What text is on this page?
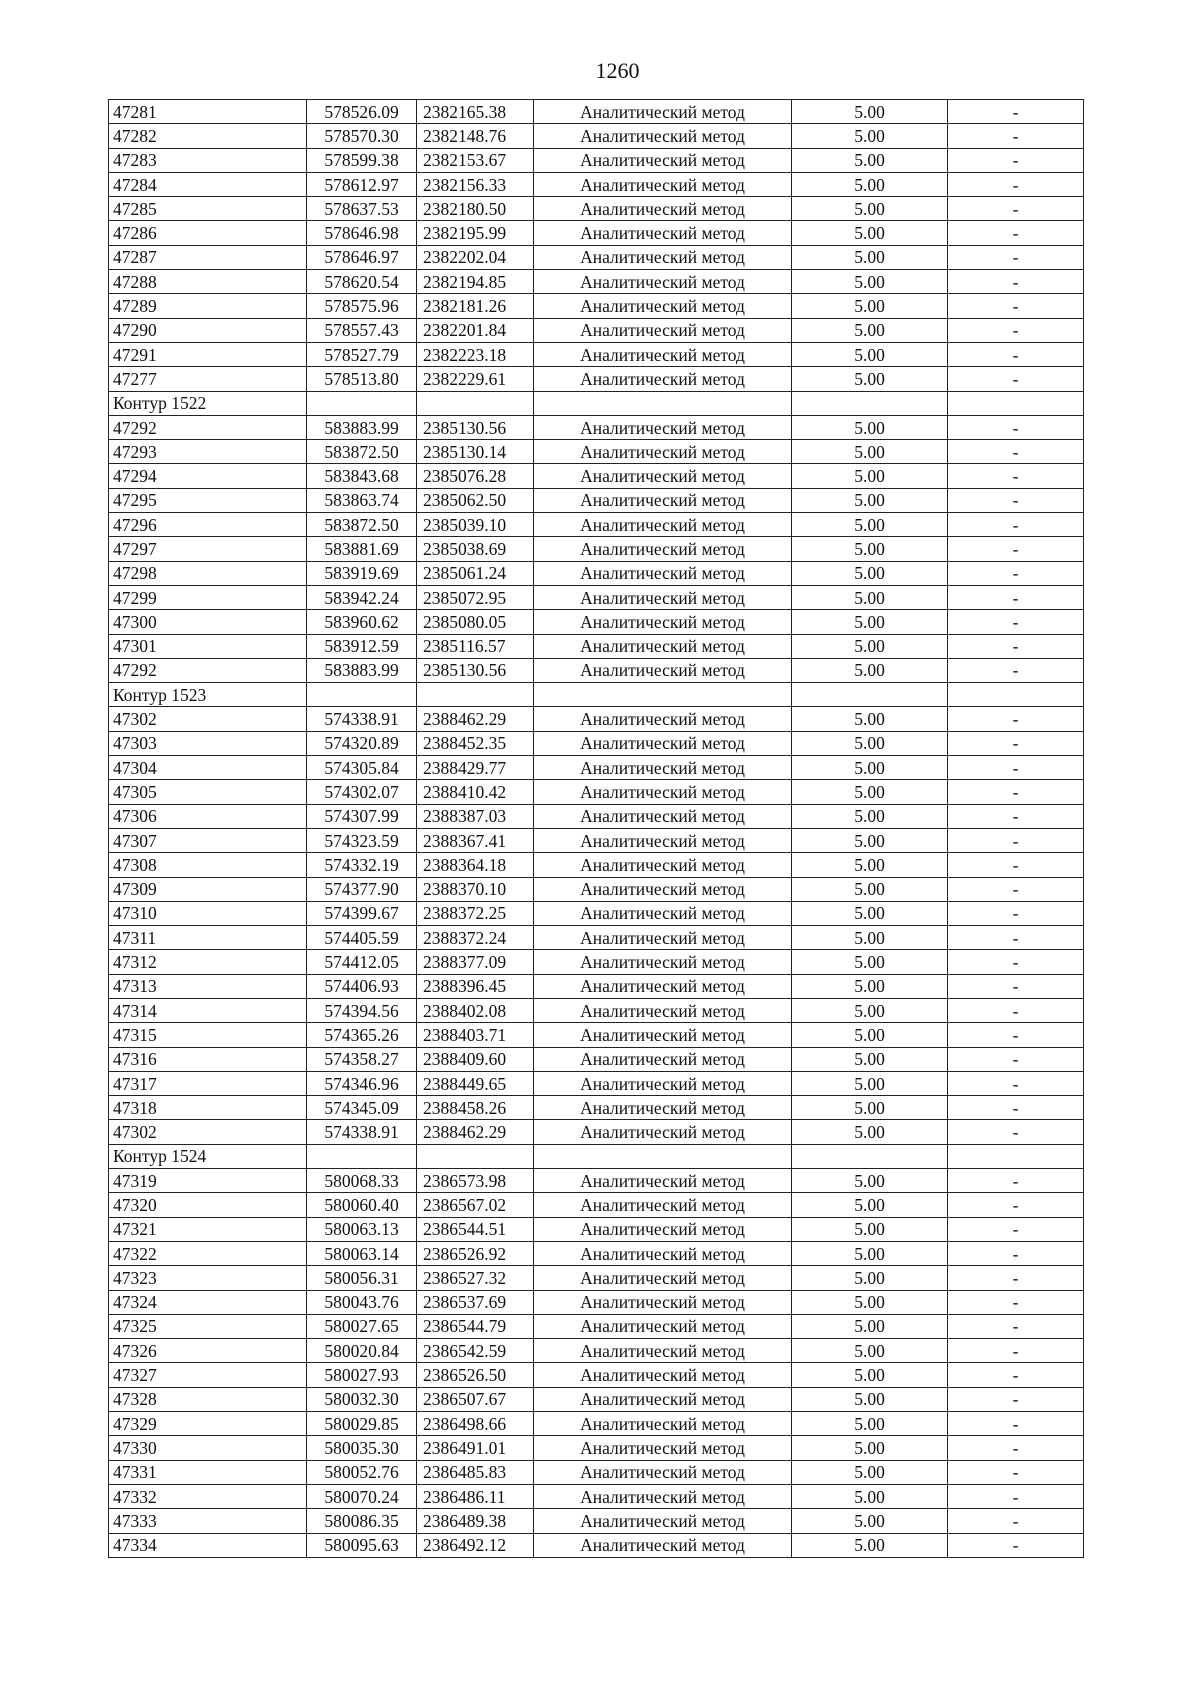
1260
47281	578526.09	2382165.38	Аналитический метод	5.00	-
47282	578570.30	2382148.76	Аналитический метод	5.00	-
47283	578599.38	2382153.67	Аналитический метод	5.00	-
47284	578612.97	2382156.33	Аналитический метод	5.00	-
47285	578637.53	2382180.50	Аналитический метод	5.00	-
47286	578646.98	2382195.99	Аналитический метод	5.00	-
47287	578646.97	2382202.04	Аналитический метод	5.00	-
47288	578620.54	2382194.85	Аналитический метод	5.00	-
47289	578575.96	2382181.26	Аналитический метод	5.00	-
47290	578557.43	2382201.84	Аналитический метод	5.00	-
47291	578527.79	2382223.18	Аналитический метод	5.00	-
47277	578513.80	2382229.61	Аналитический метод	5.00	-
Контур 1522					
47292	583883.99	2385130.56	Аналитический метод	5.00	-
47293	583872.50	2385130.14	Аналитический метод	5.00	-
47294	583843.68	2385076.28	Аналитический метод	5.00	-
47295	583863.74	2385062.50	Аналитический метод	5.00	-
47296	583872.50	2385039.10	Аналитический метод	5.00	-
47297	583881.69	2385038.69	Аналитический метод	5.00	-
47298	583919.69	2385061.24	Аналитический метод	5.00	-
47299	583942.24	2385072.95	Аналитический метод	5.00	-
47300	583960.62	2385080.05	Аналитический метод	5.00	-
47301	583912.59	2385116.57	Аналитический метод	5.00	-
47292	583883.99	2385130.56	Аналитический метод	5.00	-
Контур 1523					
47302	574338.91	2388462.29	Аналитический метод	5.00	-
47303	574320.89	2388452.35	Аналитический метод	5.00	-
47304	574305.84	2388429.77	Аналитический метод	5.00	-
47305	574302.07	2388410.42	Аналитический метод	5.00	-
47306	574307.99	2388387.03	Аналитический метод	5.00	-
47307	574323.59	2388367.41	Аналитический метод	5.00	-
47308	574332.19	2388364.18	Аналитический метод	5.00	-
47309	574377.90	2388370.10	Аналитический метод	5.00	-
47310	574399.67	2388372.25	Аналитический метод	5.00	-
47311	574405.59	2388372.24	Аналитический метод	5.00	-
47312	574412.05	2388377.09	Аналитический метод	5.00	-
47313	574406.93	2388396.45	Аналитический метод	5.00	-
47314	574394.56	2388402.08	Аналитический метод	5.00	-
47315	574365.26	2388403.71	Аналитический метод	5.00	-
47316	574358.27	2388409.60	Аналитический метод	5.00	-
47317	574346.96	2388449.65	Аналитический метод	5.00	-
47318	574345.09	2388458.26	Аналитический метод	5.00	-
47302	574338.91	2388462.29	Аналитический метод	5.00	-
Контур 1524					
47319	580068.33	2386573.98	Аналитический метод	5.00	-
47320	580060.40	2386567.02	Аналитический метод	5.00	-
47321	580063.13	2386544.51	Аналитический метод	5.00	-
47322	580063.14	2386526.92	Аналитический метод	5.00	-
47323	580056.31	2386527.32	Аналитический метод	5.00	-
47324	580043.76	2386537.69	Аналитический метод	5.00	-
47325	580027.65	2386544.79	Аналитический метод	5.00	-
47326	580020.84	2386542.59	Аналитический метод	5.00	-
47327	580027.93	2386526.50	Аналитический метод	5.00	-
47328	580032.30	2386507.67	Аналитический метод	5.00	-
47329	580029.85	2386498.66	Аналитический метод	5.00	-
47330	580035.30	2386491.01	Аналитический метод	5.00	-
47331	580052.76	2386485.83	Аналитический метод	5.00	-
47332	580070.24	2386486.11	Аналитический метод	5.00	-
47333	580086.35	2386489.38	Аналитический метод	5.00	-
47334	580095.63	2386492.12	Аналитический метод	5.00	-
